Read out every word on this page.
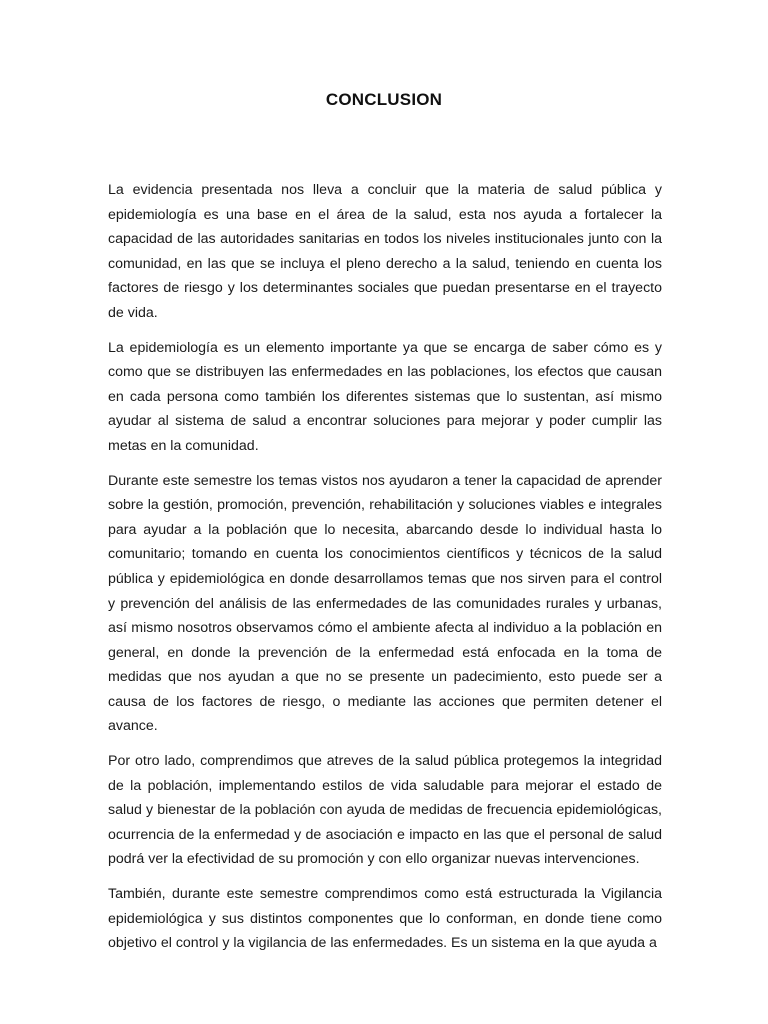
CONCLUSION

La evidencia presentada nos lleva a concluir que la materia de salud pública y epidemiología es una base en el área de la salud, esta nos ayuda a fortalecer la capacidad de las autoridades sanitarias en todos los niveles institucionales junto con la comunidad, en las que se incluya el pleno derecho a la salud, teniendo en cuenta los factores de riesgo y los determinantes sociales que puedan presentarse en el trayecto de vida.

La epidemiología es un elemento importante ya que se encarga de saber cómo es y como que se distribuyen las enfermedades en las poblaciones, los efectos que causan en cada persona como también los diferentes sistemas que lo sustentan, así mismo ayudar al sistema de salud a encontrar soluciones para mejorar y poder cumplir las metas en la comunidad.

Durante este semestre los temas vistos nos ayudaron a tener la capacidad de aprender sobre la gestión, promoción, prevención, rehabilitación y soluciones viables e integrales para ayudar a la población que lo necesita, abarcando desde lo individual hasta lo comunitario; tomando en cuenta los conocimientos científicos y técnicos de la salud pública y epidemiológica en donde desarrollamos temas que nos sirven para el control y prevención del análisis de las enfermedades de las comunidades rurales y urbanas, así mismo nosotros observamos cómo el ambiente afecta al individuo a la población en general, en donde la prevención de la enfermedad está enfocada en la toma de medidas que nos ayudan a que no se presente un padecimiento, esto puede ser a causa de los factores de riesgo, o mediante las acciones que permiten detener el avance.

Por otro lado, comprendimos que atreves de la salud pública protegemos la integridad de la población, implementando estilos de vida saludable para mejorar el estado de salud y bienestar de la población con ayuda de medidas de frecuencia epidemiológicas, ocurrencia de la enfermedad y de asociación e impacto en las que el personal de salud podrá ver la efectividad de su promoción y con ello organizar nuevas intervenciones.

También, durante este semestre comprendimos como está estructurada la Vigilancia epidemiológica y sus distintos componentes que lo conforman, en donde tiene como objetivo el control y la vigilancia de las enfermedades. Es un sistema en la que ayuda a
